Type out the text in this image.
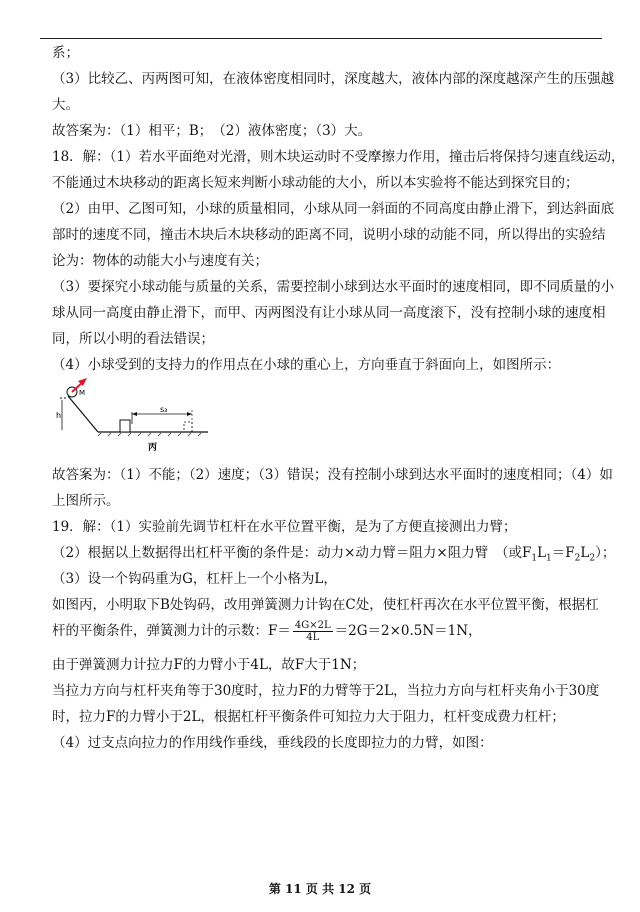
系；
（3）比较乙、丙两图可知，在液体密度相同时，深度越大，液体内部的深度越深产生的压强越
大。
故答案为：（1）相平；B；　（2）液体密度；（3）大。
18．解：（1）若水平面绝对光滑，则木块运动时不受摩擦力作用，撞击后将保持匀速直线运动，
不能通过木块移动的距离长短来判断小球动能的大小，所以本实验将不能达到探究目的；
（2）由甲、乙图可知，小球的质量相同，小球从同一斜面的不同高度由静止滑下，到达斜面底
部时的速度不同，撞击木块后木块移动的距离不同，说明小球的动能不同，所以得出的实验结
论为：物体的动能大小与速度有关；
（3）要探究小球动能与质量的关系，需要控制小球到达水平面时的速度相同，即不同质量的小
球从同一高度由静止滑下，而甲、丙两图没有让小球从同一高度滚下，没有控制小球的速度相
同，所以小明的看法错误；
（4）小球受到的支持力的作用点在小球的重心上，方向垂直于斜面向上，如图所示：
h
M
s₃
丙
故答案为：（1）不能；（2）速度；（3）错误；没有控制小球到达水平面时的速度相同；（4）如
上图所示。
19．解：（1）实验前先调节杠杆在水平位置平衡，是为了方便直接测出力臂；
（2）根据以上数据得出杠杆平衡的条件是：动力×动力臂＝阻力×阻力臂　（或$F_1L_1=F_2L_2$）；
（3）设一个钩码重为G，杠杆上一个小格为L，
如图丙，小明取下B处钩码，改用弹簧测力计钩在C处，使杠杆再次在水平位置平衡，根据杠
杆的平衡条件，弹簧测力计的示数：$F= \frac{4G\times 2L}{4L} =2G=2\times 0.5N=1N$，
由于弹簧测力计拉力F的力臂小于4L，故F大于1N；
当拉力方向与杠杆夹角等于30度时，拉力F的力臂等于2L，当拉力方向与杠杆夹角小于30度
时，拉力F的力臂小于2L，根据杠杆平衡条件可知拉力大于阻力，杠杆变成费力杠杆；
（4）过支点向拉力的作用线作垂线，垂线段的长度即拉力的力臂，如图：
第 11 页 共 12 页
